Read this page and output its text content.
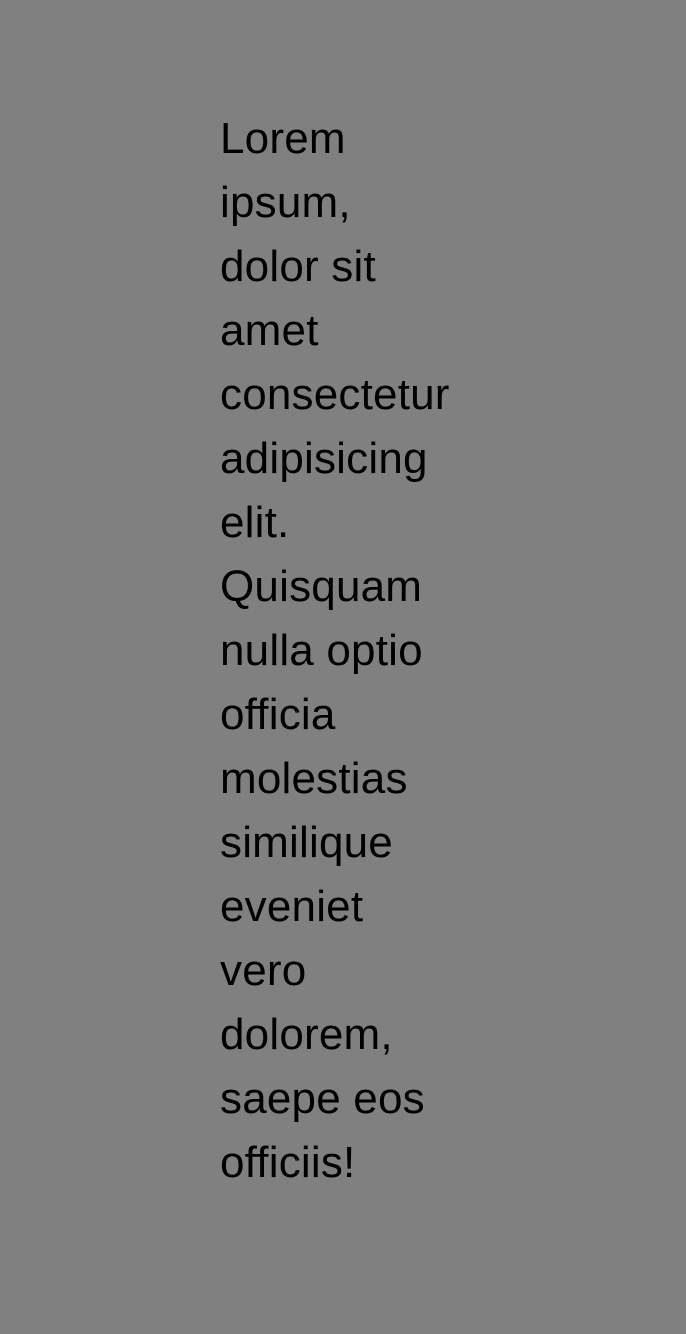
Lorem
ipsum,
dolor sit
amet
consectetur
adipisicing
elit.
Quisquam
nulla optio
officia
molestias
similique
eveniet
vero
dolorem,
saepe eos
officiis!
